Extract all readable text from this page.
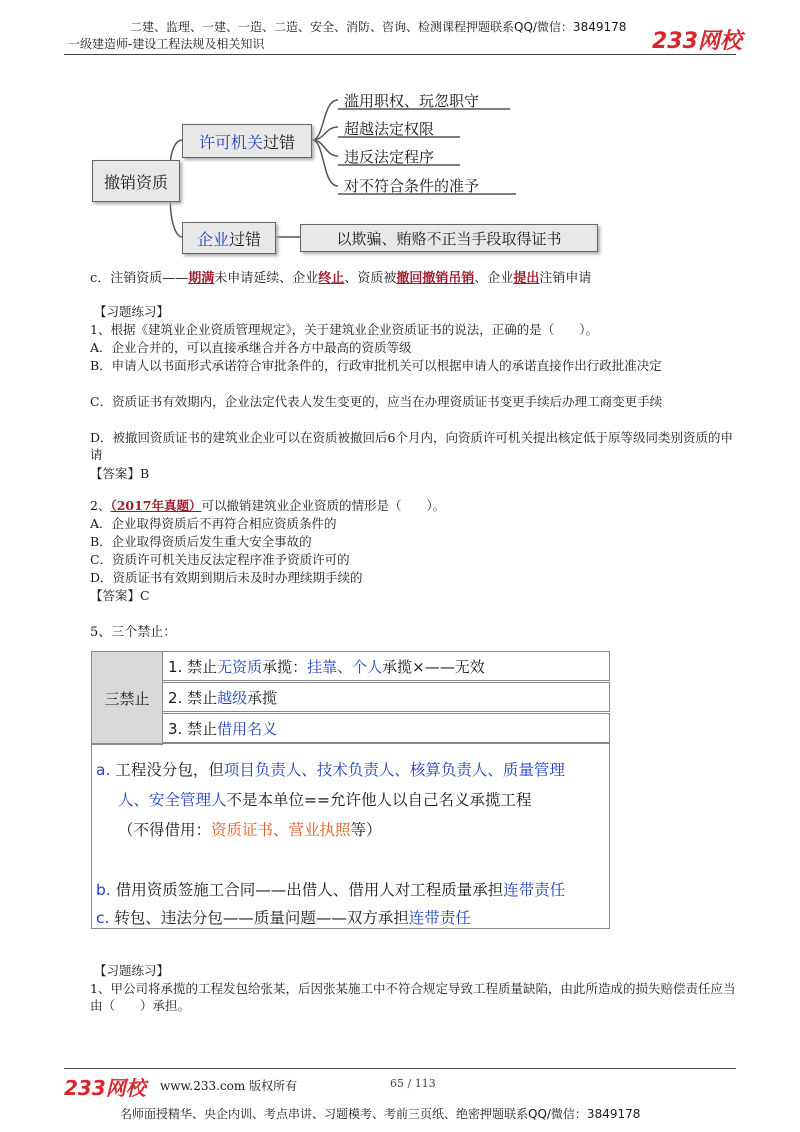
二建、监理、一建、一造、二造、安全、消防、咨询、检测课程押题联系QQ/微信：3849178
一级建造师-建设工程法规及相关知识	233网校
撤销资质
许可机关 过错
企业 过错
滥用职权、玩忽职守
超越法定权限
违反法定程序
对不符合条件的准予
以欺骗、贿赂不正当手段取得证书
c．注销资质——期满未申请延续、企业终止、资质被撤回撤销吊销、企业提出注销申请
【习题练习】
1、根据《建筑业企业资质管理规定》，关于建筑业企业资质证书的说法，正确的是（　　）。
A．企业合并的，可以直接承继合并各方中最高的资质等级
B．申请人以书面形式承诺符合审批条件的，行政审批机关可以根据申请人的承诺直接作出行政批准决定
C．资质证书有效期内，企业法定代表人发生变更的，应当在办理资质证书变更手续后办理工商变更手续
D．被撤回资质证书的建筑业企业可以在资质被撤回后6个月内，向资质许可机关提出核定低于原等级同类别资质的申请
【答案】B
2、（2017年真题）可以撤销建筑业企业资质的情形是（　　）。
A．企业取得资质后不再符合相应资质条件的
B．企业取得资质后发生重大安全事故的
C．资质许可机关违反法定程序准予资质许可的
D．资质证书有效期到期后未及时办理续期手续的
【答案】C
5、三个禁止：
三禁止
1. 禁止 无资质 承揽： 挂靠、个人 承揽×——无效
2. 禁止 越级 承揽
3. 禁止 借用名义
a. 工程没分包，但项目负责人、技术负责人、核算负责人、质量管理
人、安全管理人不是本单位==允许他人以自己名义承揽工程
（不得借用：资质证书、营业执照等）
b. 借用资质签施工合同——出借人、借用人对工程质量承担连带责任
c. 转包、违法分包——质量问题——双方承担连带责任
【习题练习】
1、甲公司将承揽的工程发包给张某，后因张某施工中不符合规定导致工程质量缺陷，由此所造成的损失赔偿责任应当由（　　）承担。
233网校 www.233.com 版权所有	65 / 113
名师面授精华、央企内训、考点串讲、习题模考、考前三页纸、绝密押题联系QQ/微信：3849178
